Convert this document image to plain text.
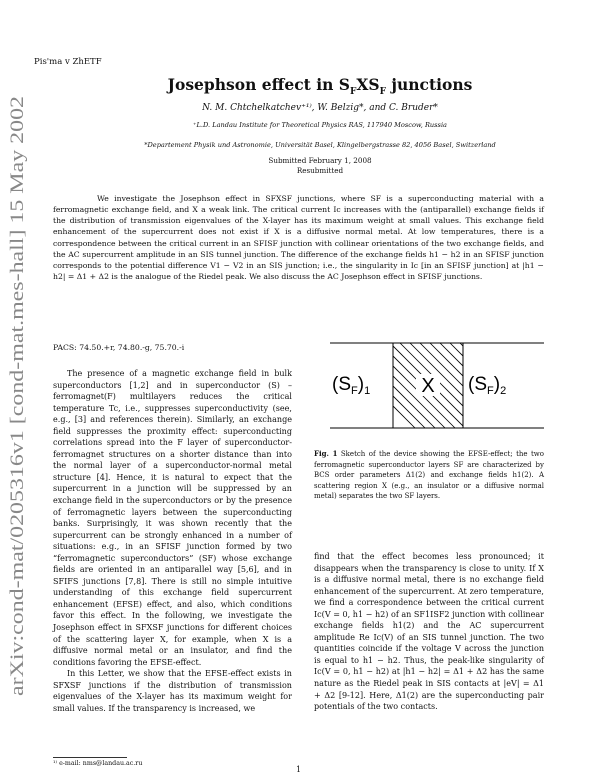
Pis'ma v ZhETF
arXiv:cond-mat/0205316v1 [cond-mat.mes-hall] 15 May 2002
Josephson effect in $S_FXS_F$ junctions
N. M. Chtchelkatchev⁺¹⁾, W. Belzig*, and C. Bruder*
⁺L.D. Landau Institute for Theoretical Physics RAS, 117940 Moscow, Russia
*Departement Physik und Astronomie, Universität Basel, Klingelbergstrasse 82, 4056 Basel, Switzerland
Submitted February 1, 2008
Resubmitted
We investigate the Josephson effect in SFXSF junctions, where SF is a superconducting material with a ferromagnetic exchange field, and X a weak link. The critical current Ic increases with the (antiparallel) exchange fields if the distribution of transmission eigenvalues of the X-layer has its maximum weight at small values. This exchange field enhancement of the supercurrent does not exist if X is a diffusive normal metal. At low temperatures, there is a correspondence between the critical current in an SFISF junction with collinear orientations of the two exchange fields, and the AC supercurrent amplitude in an SIS tunnel junction. The difference of the exchange fields h1 − h2 in an SFISF junction corresponds to the potential difference V1 − V2 in an SIS junction; i.e., the singularity in Ic [in an SFISF junction] at |h1 − h2| = Δ1 + Δ2 is the analogue of the Riedel peak. We also discuss the AC Josephson effect in SFISF junctions.
PACS: 74.50.+r, 74.80.-g, 75.70.-i

The presence of a magnetic exchange field in bulk superconductors [1,2] and in superconductor (S) – ferromagnet(F) multilayers reduces the critical temperature Tc, i.e., suppresses superconductivity (see, e.g., [3] and references therein). Similarly, an exchange field suppresses the proximity effect: superconducting correlations spread into the F layer of superconductor-ferromagnet structures on a shorter distance than into the normal layer of a superconductor-normal metal structure [4]. Hence, it is natural to expect that the supercurrent in a junction will be suppressed by an exchange field in the superconductors or by the presence of ferromagnetic layers between the superconducting banks. Surprisingly, it was shown recently that the supercurrent can be strongly enhanced in a number of situations: e.g., in an SFISF junction formed by two “ferromagnetic superconductors” (SF) whose exchange fields are oriented in an antiparallel way [5,6], and in SFIFS junctions [7,8]. There is still no simple intuitive understanding of this exchange field supercurrent enhancement (EFSE) effect, and also, which conditions favor this effect. In the following, we investigate the Josephson effect in SFXSF junctions for different choices of the scattering layer X, for example, when X is a diffusive normal metal or an insulator, and find the conditions favoring the EFSE-effect.

In this Letter, we show that the EFSE-effect exists in SFXSF junctions if the distribution of transmission eigenvalues of the X-layer has its maximum weight for small values. If the transparency is increased, we

X
$(S_F)_1$	$(S_F)_2$
Fig. 1 Sketch of the device showing the EFSE-effect; the two ferromagnetic superconductor layers SF are characterized by BCS order parameters Δ1(2) and exchange fields h1(2). A scattering region X (e.g., an insulator or a diffusive normal metal) separates the two SF layers.

find that the effect becomes less pronounced; it disappears when the transparency is close to unity. If X is a diffusive normal metal, there is no exchange field enhancement of the supercurrent. At zero temperature, we find a correspondence between the critical current Ic(V = 0, h1 − h2) of an SF1ISF2 junction with collinear exchange fields h1(2) and the AC supercurrent amplitude Re Ic(V) of an SIS tunnel junction. The two quantities coincide if the voltage V across the junction is equal to h1 − h2. Thus, the peak-like singularity of Ic(V = 0, h1 − h2) at |h1 − h2| = Δ1 + Δ2 has the same nature as the Riedel peak in SIS contacts at |eV| = Δ1 + Δ2 [9-12]. Here, Δ1(2) are the superconducting pair potentials of the two contacts.

¹⁾ e-mail: nms@landau.ac.ru
1
